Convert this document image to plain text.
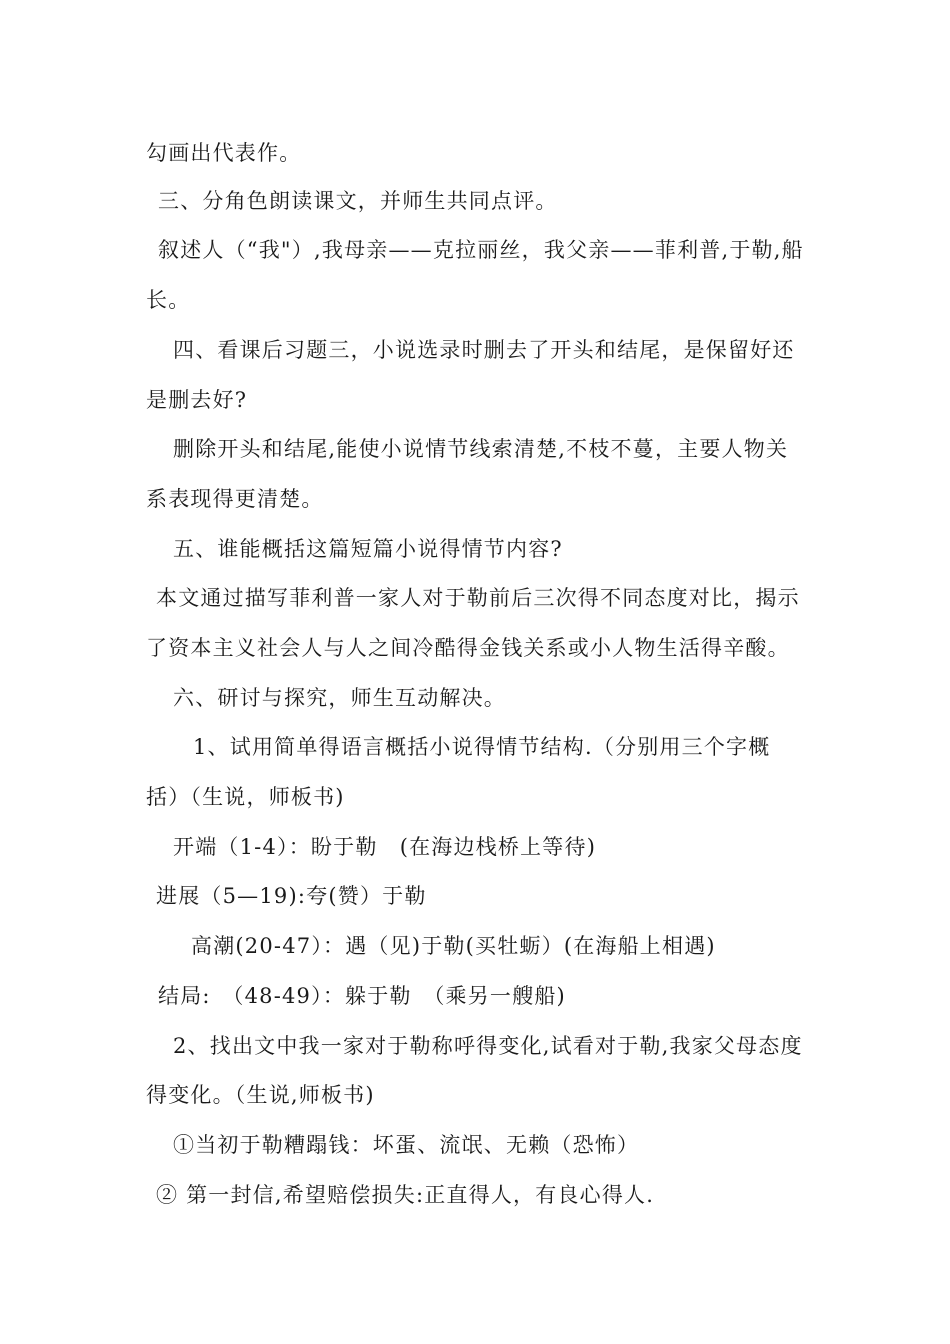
勾画出代表作。
三、分角色朗读课文，并师生共同点评。
叙述人（“我"）,我母亲——克拉丽丝，我父亲——菲利普,于勒,船
长。
四、看课后习题三，小说选录时删去了开头和结尾，是保留好还
是删去好?
删除开头和结尾,能使小说情节线索清楚,不枝不蔓，主要人物关
系表现得更清楚。
五、谁能概括这篇短篇小说得情节内容?
本文通过描写菲利普一家人对于勒前后三次得不同态度对比，揭示
了资本主义社会人与人之间冷酷得金钱关系或小人物生活得辛酸。
六、研讨与探究，师生互动解决。
1、试用简单得语言概括小说得情节结构.（分别用三个字概
括）（生说，师板书)
开端（1-4）：盼于勒　(在海边栈桥上等待)
进展（5—19):夸(赞）于勒
高潮(20-47）：遇（见)于勒(买牡蛎）(在海船上相遇)
结局:　（48-49）：躲于勒　（乘另一艘船)
2、找出文中我一家对于勒称呼得变化,试看对于勒,我家父母态度
得变化。（生说,师板书)
①当初于勒糟蹋钱：坏蛋、流氓、无赖（恐怖）
② 第一封信,希望赔偿损失:正直得人，有良心得人.
